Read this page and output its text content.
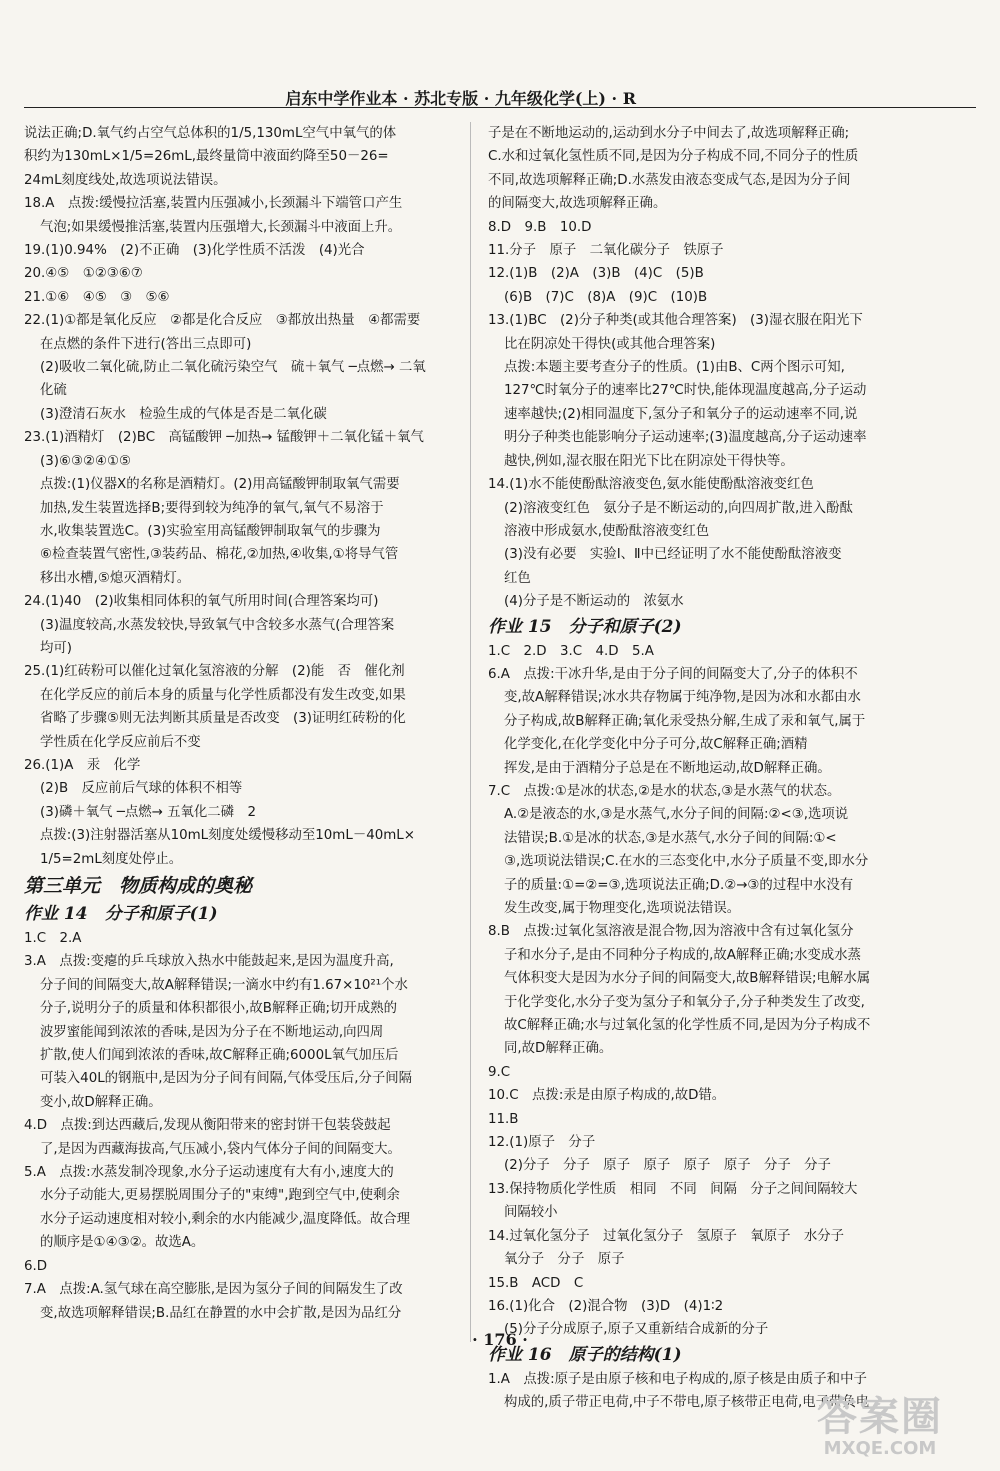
启东中学作业本 · 苏北专版 · 九年级化学(上) · R

说法正确;D.氧气约占空气总体积的1/5,130mL空气中氧气的体

积约为130mL×1/5=26mL,最终量筒中液面约降至50－26=

24mL刻度线处,故选项说法错误。

18.A　点拨:缓慢拉活塞,装置内压强减小,长颈漏斗下端管口产生

气泡;如果缓慢推活塞,装置内压强增大,长颈漏斗中液面上升。

19.(1)0.94%　(2)不正确　(3)化学性质不活泼　(4)光合

20.④⑤　①②③⑥⑦

21.①⑥　④⑤　③　⑤⑥

22.(1)①都是氧化反应　②都是化合反应　③都放出热量　④都需要

在点燃的条件下进行(答出三点即可)

(2)吸收二氧化硫,防止二氧化硫污染空气　硫＋氧气 ─点燃→ 二氧

化硫

(3)澄清石灰水　检验生成的气体是否是二氧化碳

23.(1)酒精灯　(2)BC　高锰酸钾 ─加热→ 锰酸钾＋二氧化锰＋氧气

(3)⑥③②④①⑤

点拨:(1)仪器X的名称是酒精灯。(2)用高锰酸钾制取氧气需要

加热,发生装置选择B;要得到较为纯净的氧气,氧气不易溶于

水,收集装置选C。(3)实验室用高锰酸钾制取氧气的步骤为

⑥检查装置气密性,③装药品、棉花,②加热,④收集,①将导气管

移出水槽,⑤熄灭酒精灯。

24.(1)40　(2)收集相同体积的氧气所用时间(合理答案均可)

(3)温度较高,水蒸发较快,导致氧气中含较多水蒸气(合理答案

均可)

25.(1)红砖粉可以催化过氧化氢溶液的分解　(2)能　否　催化剂

在化学反应的前后本身的质量与化学性质都没有发生改变,如果

省略了步骤⑤则无法判断其质量是否改变　(3)证明红砖粉的化

学性质在化学反应前后不变

26.(1)A　汞　化学

(2)B　反应前后气球的体积不相等

(3)磷＋氧气 ─点燃→ 五氧化二磷　2

点拨:(3)注射器活塞从10mL刻度处缓慢移动至10mL－40mL×

1/5=2mL刻度处停止。

第三单元　物质构成的奥秘

作业 14　分子和原子(1)

1.C　2.A

3.A　点拨:变瘪的乒乓球放入热水中能鼓起来,是因为温度升高,

分子间的间隔变大,故A解释错误;一滴水中约有1.67×10²¹个水

分子,说明分子的质量和体积都很小,故B解释正确;切开成熟的

波罗蜜能闻到浓浓的香味,是因为分子在不断地运动,向四周

扩散,使人们闻到浓浓的香味,故C解释正确;6000L氧气加压后

可装入40L的钢瓶中,是因为分子间有间隔,气体受压后,分子间隔

变小,故D解释正确。

4.D　点拨:到达西藏后,发现从衡阳带来的密封饼干包装袋鼓起

了,是因为西藏海拔高,气压减小,袋内气体分子间的间隔变大。

5.A　点拨:水蒸发制冷现象,水分子运动速度有大有小,速度大的

水分子动能大,更易摆脱周围分子的"束缚",跑到空气中,使剩余

水分子运动速度相对较小,剩余的水内能减少,温度降低。故合理

的顺序是①④③②。故选A。

6.D

7.A　点拨:A.氢气球在高空膨胀,是因为氢分子间的间隔发生了改

变,故选项解释错误;B.品红在静置的水中会扩散,是因为品红分

子是在不断地运动的,运动到水分子中间去了,故选项解释正确;

C.水和过氧化氢性质不同,是因为分子构成不同,不同分子的性质

不同,故选项解释正确;D.水蒸发由液态变成气态,是因为分子间

的间隔变大,故选项解释正确。

8.D　9.B　10.D

11.分子　原子　二氧化碳分子　铁原子

12.(1)B　(2)A　(3)B　(4)C　(5)B

(6)B　(7)C　(8)A　(9)C　(10)B

13.(1)BC　(2)分子种类(或其他合理答案)　(3)湿衣服在阳光下

比在阴凉处干得快(或其他合理答案)

点拨:本题主要考查分子的性质。(1)由B、C两个图示可知,

127℃时氧分子的速率比27℃时快,能体现温度越高,分子运动

速率越快;(2)相同温度下,氢分子和氧分子的运动速率不同,说

明分子种类也能影响分子运动速率;(3)温度越高,分子运动速率

越快,例如,湿衣服在阳光下比在阴凉处干得快等。

14.(1)水不能使酚酞溶液变色,氨水能使酚酞溶液变红色

(2)溶液变红色　氨分子是不断运动的,向四周扩散,进入酚酞

溶液中形成氨水,使酚酞溶液变红色

(3)没有必要　实验Ⅰ、Ⅱ中已经证明了水不能使酚酞溶液变

红色

(4)分子是不断运动的　浓氨水

作业 15　分子和原子(2)

1.C　2.D　3.C　4.D　5.A

6.A　点拨:干冰升华,是由于分子间的间隔变大了,分子的体积不

变,故A解释错误;冰水共存物属于纯净物,是因为冰和水都由水

分子构成,故B解释正确;氧化汞受热分解,生成了汞和氧气,属于

化学变化,在化学变化中分子可分,故C解释正确;酒精

挥发,是由于酒精分子总是在不断地运动,故D解释正确。

7.C　点拨:①是冰的状态,②是水的状态,③是水蒸气的状态。

A.②是液态的水,③是水蒸气,水分子间的间隔:②<③,选项说

法错误;B.①是冰的状态,③是水蒸气,水分子间的间隔:①<

③,选项说法错误;C.在水的三态变化中,水分子质量不变,即水分

子的质量:①=②=③,选项说法正确;D.②→③的过程中水没有

发生改变,属于物理变化,选项说法错误。

8.B　点拨:过氧化氢溶液是混合物,因为溶液中含有过氧化氢分

子和水分子,是由不同种分子构成的,故A解释正确;水变成水蒸

气体积变大是因为水分子间的间隔变大,故B解释错误;电解水属

于化学变化,水分子变为氢分子和氧分子,分子种类发生了改变,

故C解释正确;水与过氧化氢的化学性质不同,是因为分子构成不

同,故D解释正确。

9.C

10.C　点拨:汞是由原子构成的,故D错。

11.B

12.(1)原子　分子

(2)分子　分子　原子　原子　原子　原子　分子　分子

13.保持物质化学性质　相同　不同　间隔　分子之间间隔较大

间隔较小

14.过氧化氢分子　过氧化氢分子　氢原子　氧原子　水分子

氧分子　分子　原子

15.B　ACD　C

16.(1)化合　(2)混合物　(3)D　(4)1∶2

(5)分子分成原子,原子又重新结合成新的分子

作业 16　原子的结构(1)

1.A　点拨:原子是由原子核和电子构成的,原子核是由质子和中子

构成的,质子带正电荷,中子不带电,原子核带正电荷,电子带负电

· 176 ·
答案圈
MXQE.COM
